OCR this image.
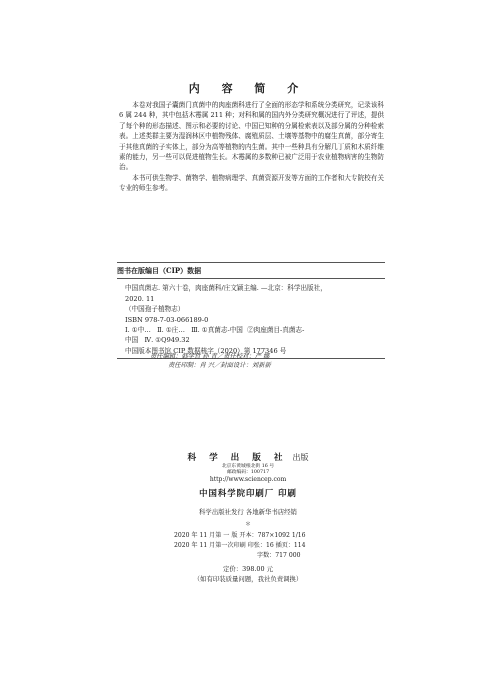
内 容 简 介

本卷对我国子囊菌门真菌中的肉座菌科进行了全面的形态学和系统分类研究，记录该科 6 属 244 种，其中包括木霉属 211 种；对科和属的国内外分类研究概况进行了评述，提供了每个种的形态描述、图示和必要的讨论、中国已知种的分属检索表以及部分属的分种检索表。上述类群主要为湿润林区中植物残体、腐殖质层、土壤等基物中的腐生真菌，部分寄生于其他真菌的子实体上，部分为高等植物的内生菌。其中一些种具有分解几丁质和木质纤维素的能力，另一些可以促进植物生长。木霉属的多数种已被广泛用于农业植物病害的生物防治。

本书可供生物学、菌物学、植物病理学、真菌资源开发等方面的工作者和大专院校有关专业的师生参考。

图书在版编目（CIP）数据
中国真菌志. 第六十卷，肉座菌科/庄文颖主编. —北京：科学出版社，
2020. 11
（中国孢子植物志）
ISBN 978-7-03-066189-0
Ⅰ. ①中…   Ⅱ. ①庄…   Ⅲ. ①真菌志-中国  ②肉座菌目-真菌志-
中国   Ⅳ. ①Q949.32
中国版本图书馆 CIP 数据核字（2020）第 177346 号
责任编辑：韩学哲 孙 青／责任校对：严 娜
责任印制：肖 兴／封面设计：刘新新
科 学 出 版 社 出版
北京东黄城根北街 16 号
邮政编码：100717
http://www.sciencep.com
中国科学院印刷厂 印刷
科学出版社发行 各地新华书店经销
＊
2020 年 11 月第 一 版 开本：787×1092 1/16
2020 年 11 月第一次印刷 印张：16 插页：114
字数：717 000
定价：398.00 元
（如有印装质量问题，我社负责调换）
